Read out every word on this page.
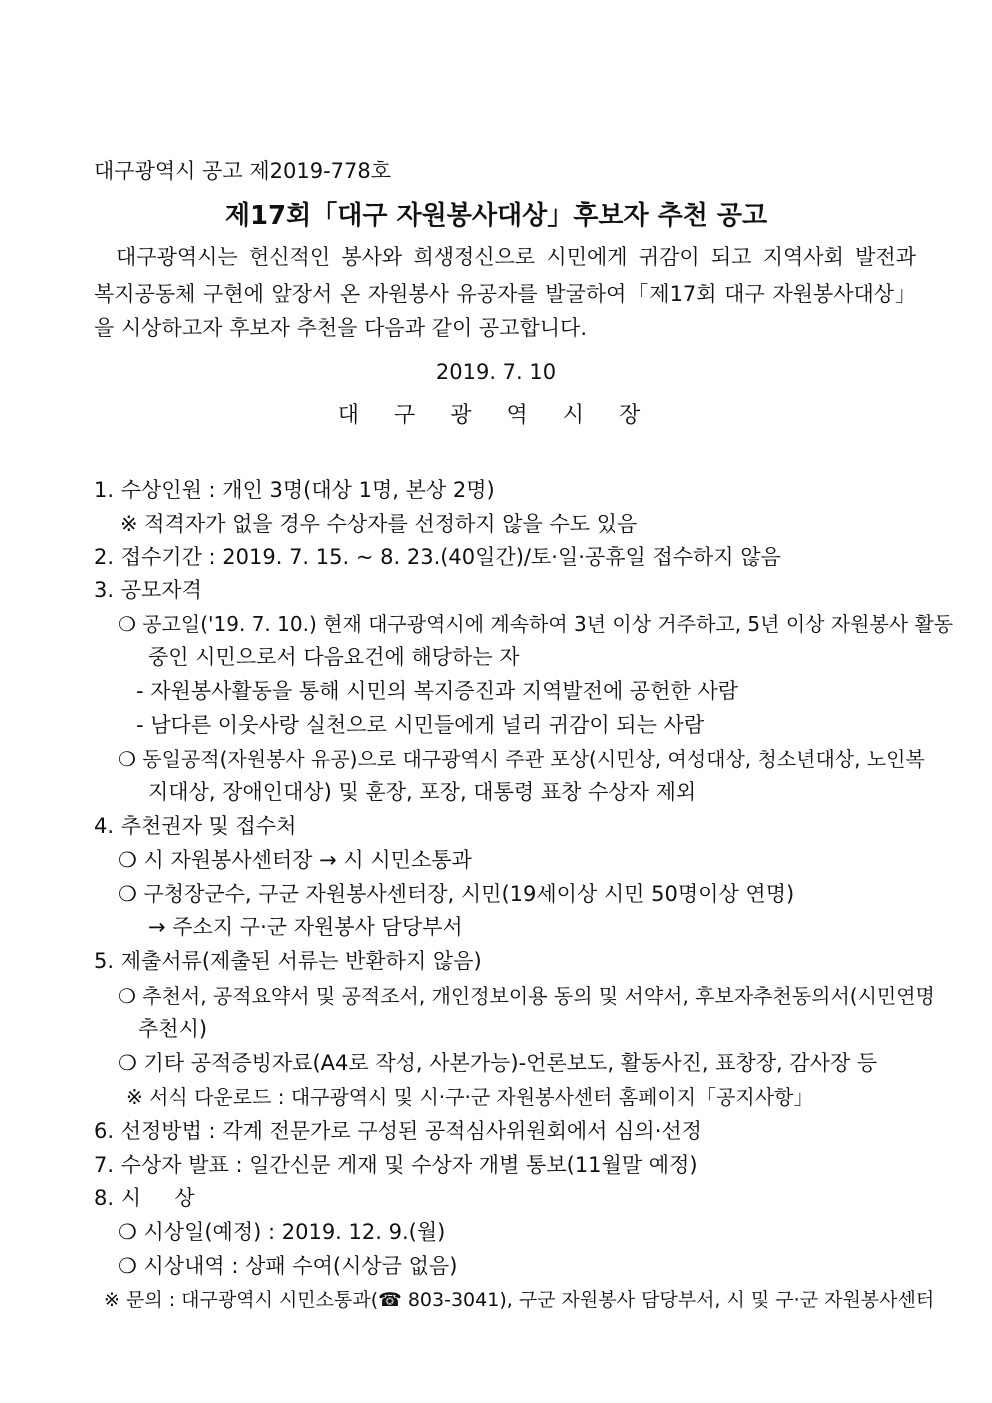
대구광역시 공고 제2019-778호
제17회「대구 자원봉사대상」후보자 추천 공고
대구광역시는 헌신적인 봉사와 희생정신으로 시민에게 귀감이 되고 지역사회 발전과
복지공동체 구현에 앞장서 온 자원봉사 유공자를 발굴하여「제17회 대구 자원봉사대상」
을 시상하고자 후보자 추천을 다음과 같이 공고합니다.
2019. 7. 10
대 구 광 역 시 장
1. 수상인원 : 개인 3명(대상 1명, 본상 2명)
※ 적격자가 없을 경우 수상자를 선정하지 않을 수도 있음
2. 접수기간 : 2019. 7. 15. ~ 8. 23.(40일간)/토·일·공휴일 접수하지 않음
3. 공모자격
❍ 공고일('19. 7. 10.) 현재 대구광역시에 계속하여 3년 이상 거주하고, 5년 이상 자원봉사 활동
중인 시민으로서 다음요건에 해당하는 자
- 자원봉사활동을 통해 시민의 복지증진과 지역발전에 공헌한 사람
- 남다른 이웃사랑 실천으로 시민들에게 널리 귀감이 되는 사람
❍ 동일공적(자원봉사 유공)으로 대구광역시 주관 포상(시민상, 여성대상, 청소년대상, 노인복
지대상, 장애인대상) 및 훈장, 포장, 대통령 표창 수상자 제외
4. 추천권자 및 접수처
❍ 시 자원봉사센터장 → 시 시민소통과
❍ 구청장군수, 구군 자원봉사센터장, 시민(19세이상 시민 50명이상 연명)
→ 주소지 구·군 자원봉사 담당부서
5. 제출서류(제출된 서류는 반환하지 않음)
❍ 추천서, 공적요약서 및 공적조서, 개인정보이용 동의 및 서약서, 후보자추천동의서(시민연명
추천시)
❍ 기타 공적증빙자료(A4로 작성, 사본가능)-언론보도, 활동사진, 표창장, 감사장 등
※ 서식 다운로드 : 대구광역시 및 시·구·군 자원봉사센터 홈페이지「공지사항」
6. 선정방법 : 각계 전문가로 구성된 공적심사위원회에서 심의·선정
7. 수상자 발표 : 일간신문 게재 및 수상자 개별 통보(11월말 예정)
8. 시     상
❍ 시상일(예정) : 2019. 12. 9.(월)
❍ 시상내역 : 상패 수여(시상금 없음)
※ 문의 : 대구광역시 시민소통과(☎ 803-3041), 구군 자원봉사 담당부서, 시 및 구·군 자원봉사센터
